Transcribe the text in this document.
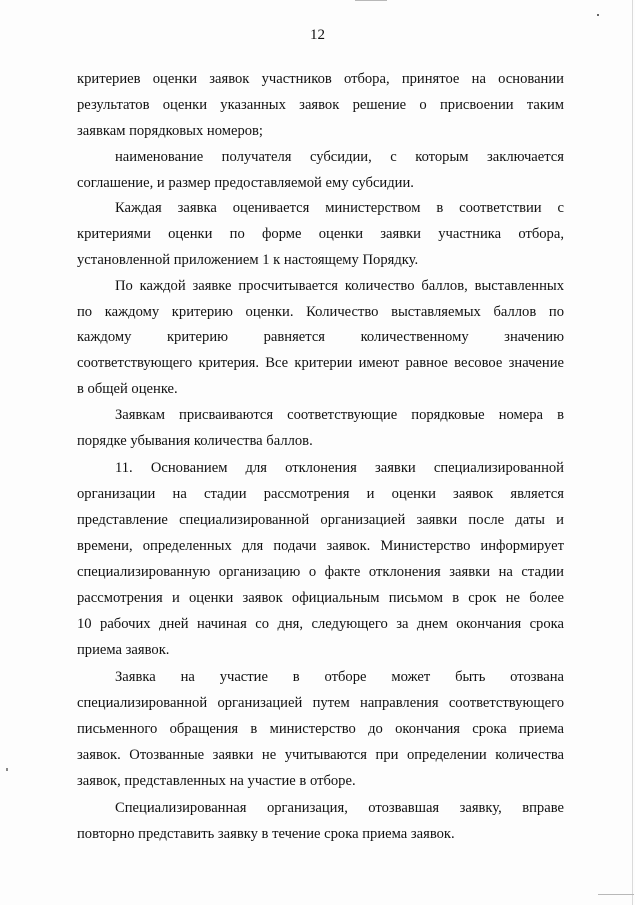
12
критериев оценки заявок участников отбора, принятое на основании
результатов оценки указанных заявок решение о присвоении таким
заявкам порядковых номеров;
наименование получателя субсидии, с которым заключается
соглашение, и размер предоставляемой ему субсидии.
Каждая заявка оценивается министерством в соответствии с
критериями оценки по форме оценки заявки участника отбора,
установленной приложением 1 к настоящему Порядку.
По каждой заявке просчитывается количество баллов, выставленных
по каждому критерию оценки. Количество выставляемых баллов по
каждому критерию равняется количественному значению
соответствующего критерия. Все критерии имеют равное весовое значение
в общей оценке.
Заявкам присваиваются соответствующие порядковые номера в
порядке убывания количества баллов.
11. Основанием для отклонения заявки специализированной
организации на стадии рассмотрения и оценки заявок является
представление специализированной организацией заявки после даты и
времени, определенных для подачи заявок. Министерство информирует
специализированную организацию о факте отклонения заявки на стадии
рассмотрения и оценки заявок официальным письмом в срок не более
10 рабочих дней начиная со дня, следующего за днем окончания срока
приема заявок.
Заявка на участие в отборе может быть отозвана
специализированной организацией путем направления соответствующего
письменного обращения в министерство до окончания срока приема
заявок. Отозванные заявки не учитываются при определении количества
заявок, представленных на участие в отборе.
Специализированная организация, отозвавшая заявку, вправе
повторно представить заявку в течение срока приема заявок.
